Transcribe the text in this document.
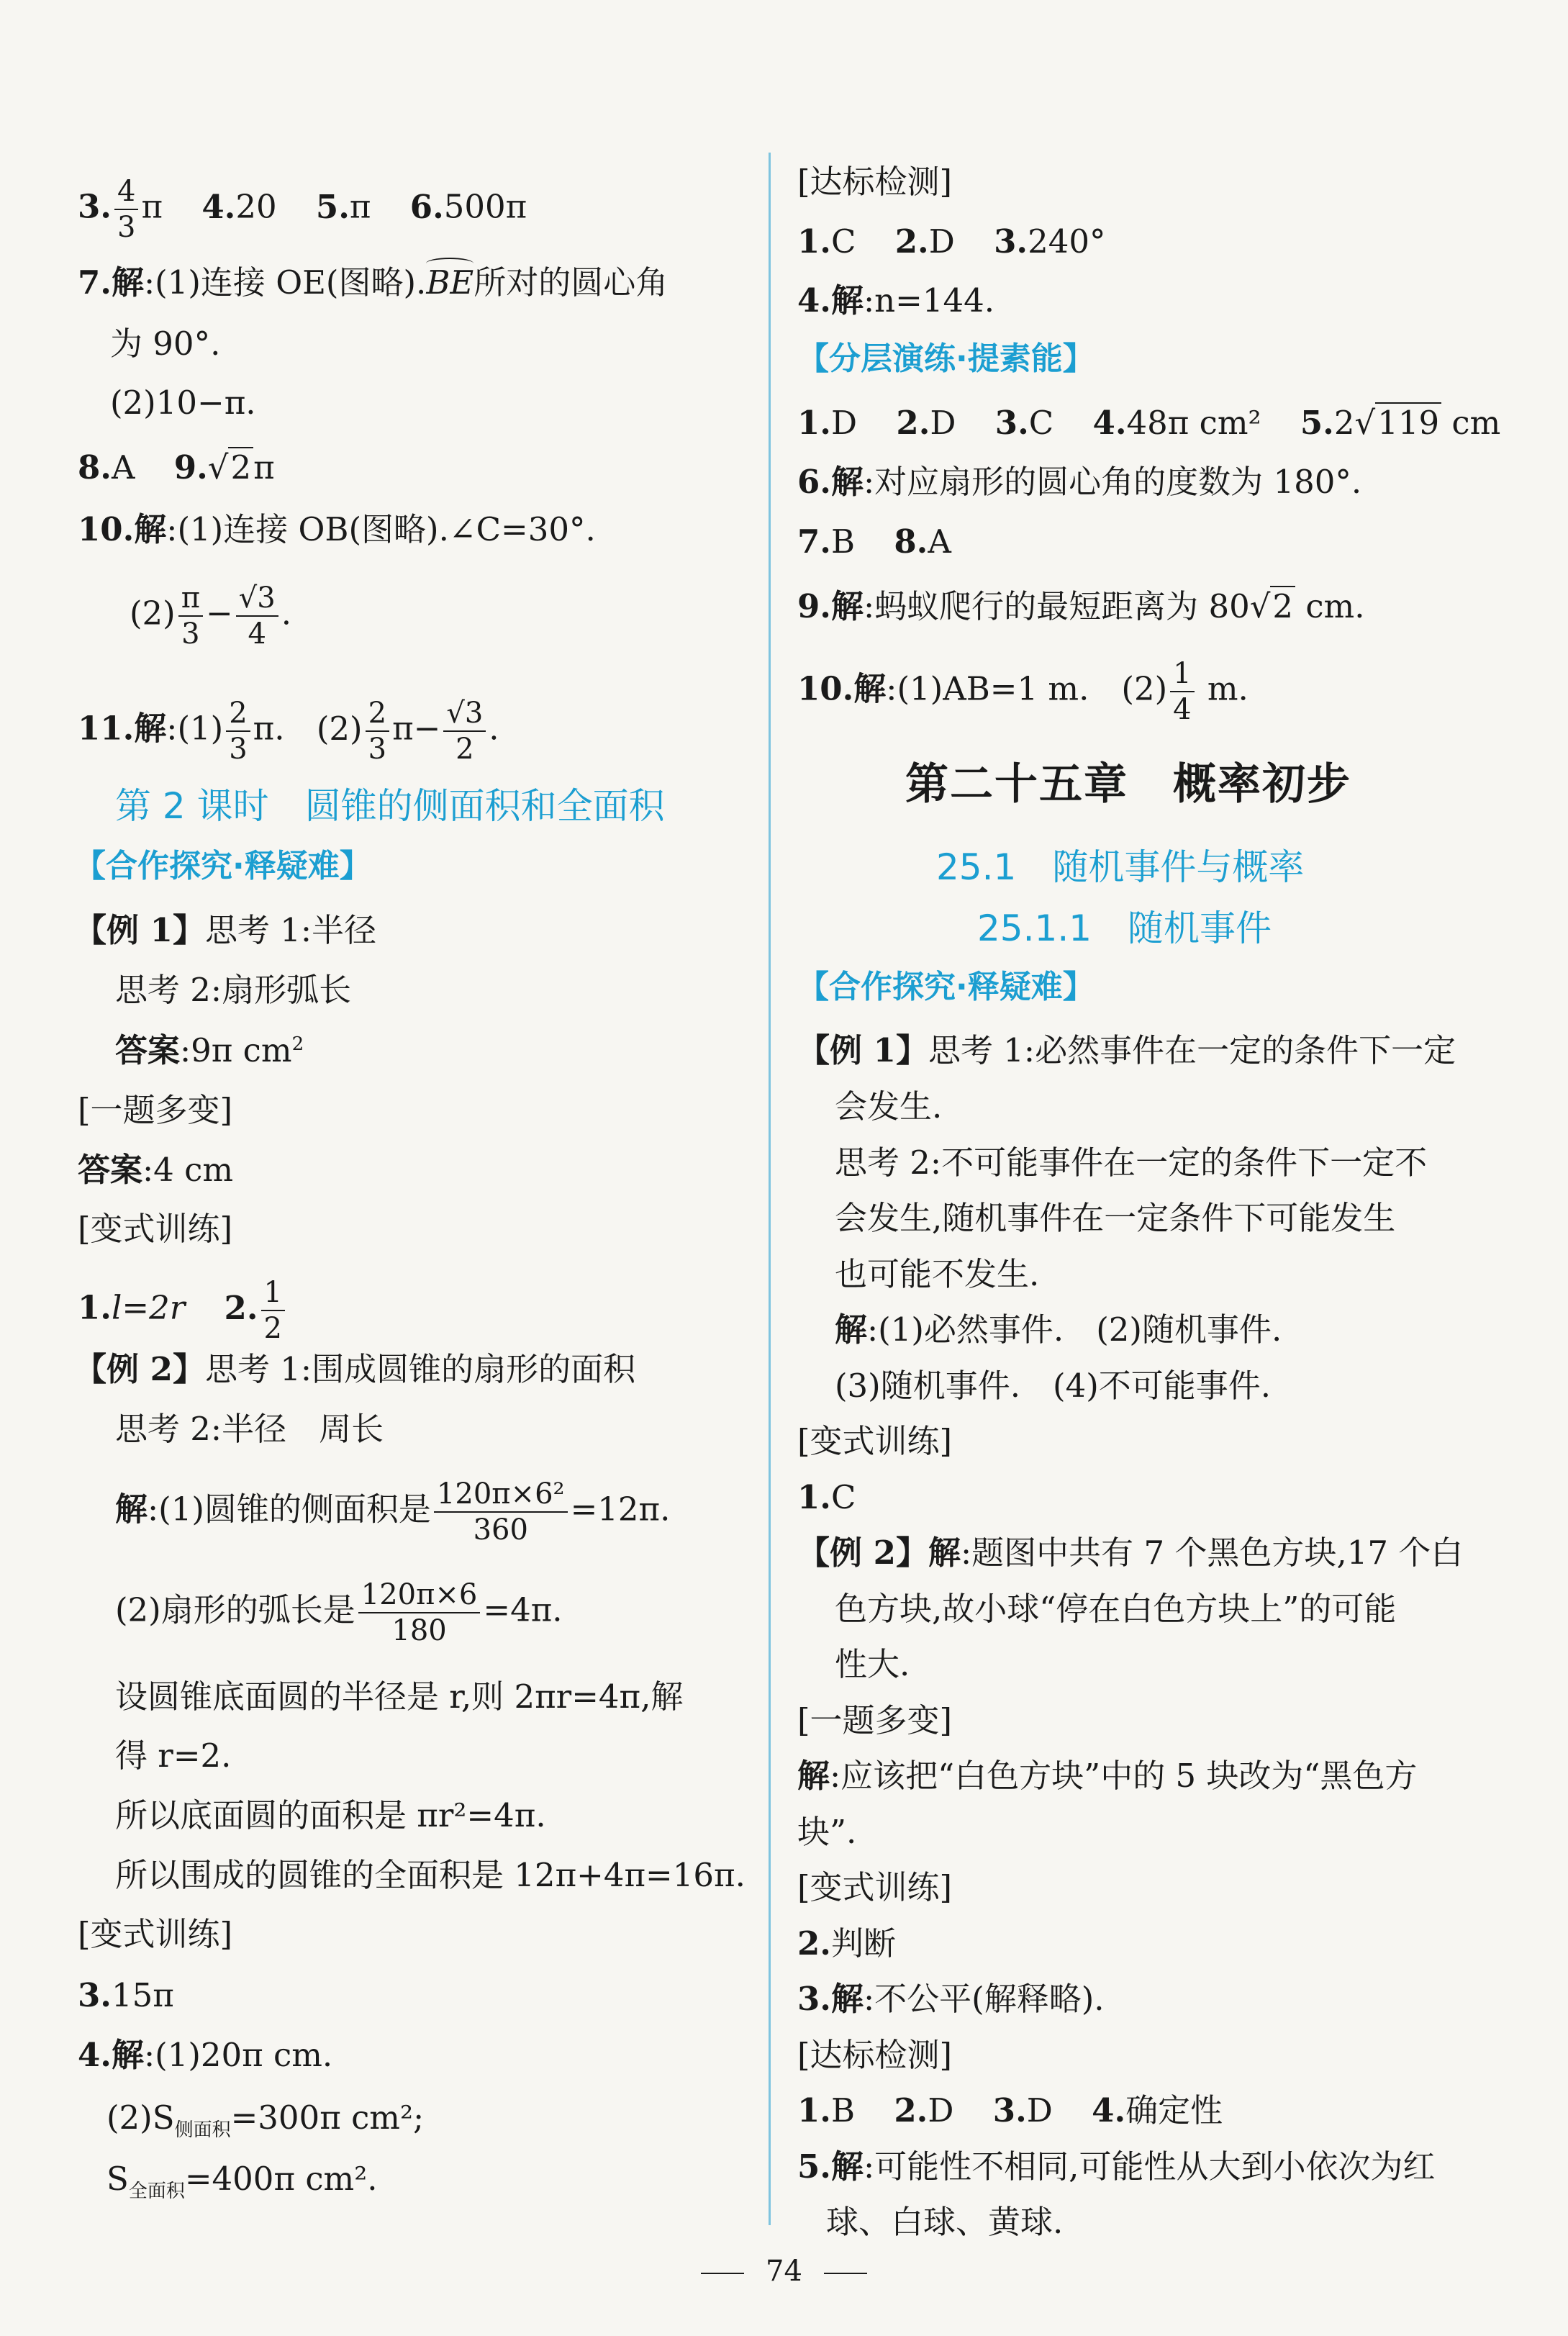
3. $\frac{4}{3}$ π 4.20 5.π 6.500π
7.解:(1)连接 OE(图略).BE所对的圆心角
为 90°.
(2)10−π.
8.A 9.√2π
10.解:(1)连接 OB(图略).∠C=30°.
$(2) \frac{\pi}{3} - \frac{√3}{4}$ .
11.解:(1) $\frac{2}{3} \pi$. $(2) \frac{2}{3} \pi- \frac{√3}{2}$ .
第 2 课时　圆锥的侧面积和全面积
【合作探究·释疑难】
【例 1】思考 1:半径
思考 2:扇形弧长
答案:9π $cm^2$
[一题多变]
答案:4 cm
[变式训练]
1.l=2r 2. $\frac{1}{2}$
【例 2】思考 1:围成圆锥的扇形的面积
思考 2:半径　周长
解:(1)圆锥的侧面积是 $\frac{\text{120π×6²}}{360} =12\pi$.
(2)扇形的弧长是 $\frac{120\pi\times 6}{180} =4\pi$.
设圆锥底面圆的半径是 r,则 2πr=4π,解
得 r=2.
所以底面圆的面积是 πr²=4π.
所以围成的圆锥的全面积是 12π+4π=16π.
[变式训练]
3.15π
4.解:(1)20π cm.
$(2)S_{侧面积}=300\pi$ cm²;
$S_{全面积}=400\pi$ cm².
[达标检测]
1.C 2.D 3.240°
4.解:n=144.
【分层演练·提素能】
1.D 2.D 3.C 4.48π cm² 5.2√119 cm
6.解:对应扇形的圆心角的度数为 180°.
7.B 8.A
9.解:蚂蚁爬行的最短距离为 80√2 cm.
10.解:(1)AB=1 m.　$(2) \frac{1}{4} m$.
第二十五章　概率初步
25.1　随机事件与概率
25.1.1　随机事件
【合作探究·释疑难】
【例 1】思考 1:必然事件在一定的条件下一定
会发生.
思考 2:不可能事件在一定的条件下一定不
会发生,随机事件在一定条件下可能发生
也可能不发生.
解:(1)必然事件.　(2)随机事件.
(3)随机事件.　(4)不可能事件.
[变式训练]
1.C
【例 2】解:题图中共有 7 个黑色方块,17 个白
色方块,故小球“停在白色方块上”的可能
性大.
[一题多变]
解:应该把“白色方块”中的 5 块改为“黑色方
块”.
[变式训练]
2.判断
3.解:不公平(解释略).
[达标检测]
1.B 2.D 3.D 4.确定性
5.解:可能性不相同,可能性从大到小依次为红
球、白球、黄球.
74
